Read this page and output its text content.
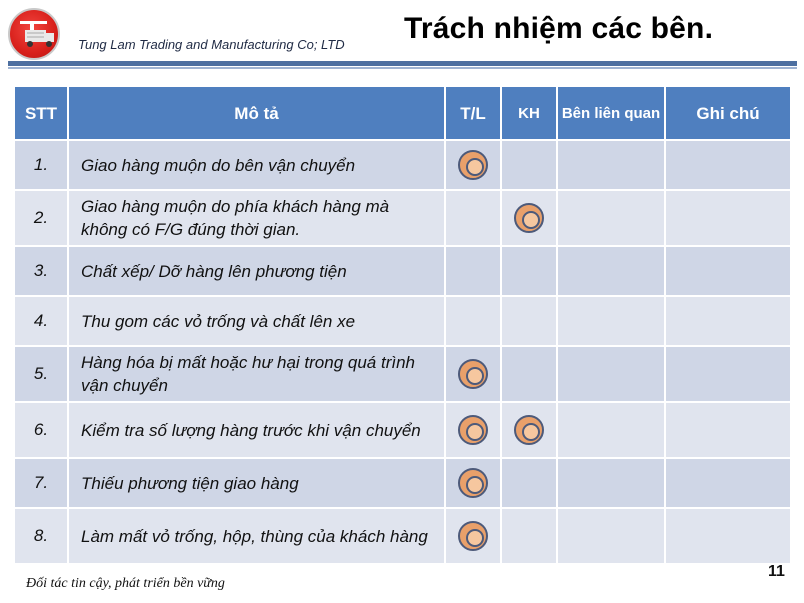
Tung Lam Trading and Manufacturing Co; LTD Trách nhiệm các bên.
STT	Mô tả	T/L	KH	Bên liên quan	Ghi chú
1.	Giao hàng muộn do bên vận chuyển				
2.	Giao hàng muộn do phía khách hàng mà không có F/G đúng thời gian.				
3.	Chất xếp/ Dỡ hàng lên phương tiện				
4.	Thu gom các vỏ trống và chất lên xe				
5.	Hàng hóa bị mất hoặc hư hại trong quá trình vận chuyển				
6.	Kiểm tra số lượng hàng trước khi vận chuyển				
7.	Thiếu phương tiện giao hàng				
8.	Làm mất vỏ trống, hộp, thùng của khách hàng				
Đối tác tin cậy, phát triển bền vững
11
